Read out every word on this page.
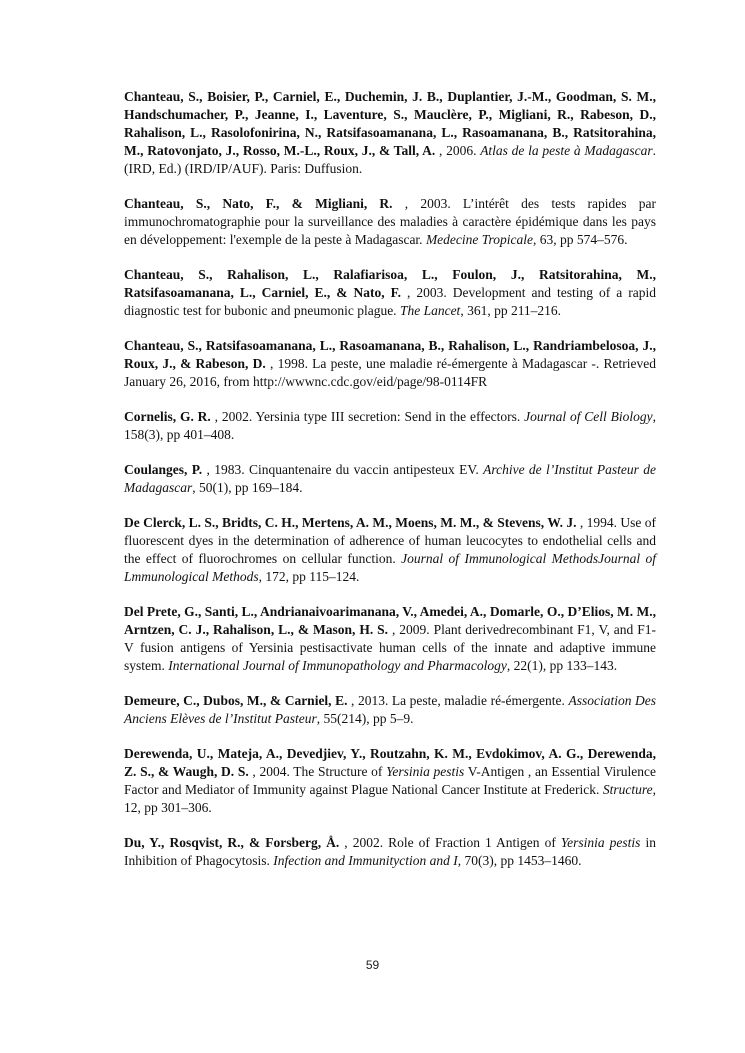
Chanteau, S., Boisier, P., Carniel, E., Duchemin, J. B., Duplantier, J.-M., Goodman, S. M., Handschumacher, P., Jeanne, I., Laventure, S., Mauclère, P., Migliani, R., Rabeson, D., Rahalison, L., Rasolofonirina, N., Ratsifasoamanana, L., Rasoamanana, B., Ratsitorahina, M., Ratovonjato, J., Rosso, M.-L., Roux, J., & Tall, A. , 2006. Atlas de la peste à Madagascar. (IRD, Ed.) (IRD/IP/AUF). Paris: Duffusion.

Chanteau, S., Nato, F., & Migliani, R. , 2003. L’intérêt des tests rapides par immunochromatographie pour la surveillance des maladies à caractère épidémique dans les pays en développement: l'exemple de la peste à Madagascar. Medecine Tropicale, 63, pp 574–576.

Chanteau, S., Rahalison, L., Ralafiarisoa, L., Foulon, J., Ratsitorahina, M., Ratsifasoamanana, L., Carniel, E., & Nato, F. , 2003. Development and testing of a rapid diagnostic test for bubonic and pneumonic plague. The Lancet, 361, pp 211–216.

Chanteau, S., Ratsifasoamanana, L., Rasoamanana, B., Rahalison, L., Randriambelosoa, J., Roux, J., & Rabeson, D. , 1998. La peste, une maladie ré-émergente à Madagascar -. Retrieved January 26, 2016, from http://wwwnc.cdc.gov/eid/page/98-0114FR

Cornelis, G. R. , 2002. Yersinia type III secretion: Send in the effectors. Journal of Cell Biology, 158(3), pp 401–408.

Coulanges, P. , 1983. Cinquantenaire du vaccin antipesteux EV. Archive de l’Institut Pasteur de Madagascar, 50(1), pp 169–184.

De Clerck, L. S., Bridts, C. H., Mertens, A. M., Moens, M. M., & Stevens, W. J. , 1994. Use of fluorescent dyes in the determination of adherence of human leucocytes to endothelial cells and the effect of fluorochromes on cellular function. Journal of Immunological MethodsJournal of Lmmunological Methods, 172, pp 115–124.

Del Prete, G., Santi, L., Andrianaivoarimanana, V., Amedei, A., Domarle, O., D’Elios, M. M., Arntzen, C. J., Rahalison, L., & Mason, H. S. , 2009. Plant derivedrecombinant F1, V, and F1-V fusion antigens of Yersinia pestisactivate human cells of the innate and adaptive immune system. International Journal of Immunopathology and Pharmacology, 22(1), pp 133–143.

Demeure, C., Dubos, M., & Carniel, E. , 2013. La peste, maladie ré-émergente. Association Des Anciens Elèves de l’Institut Pasteur, 55(214), pp 5–9.

Derewenda, U., Mateja, A., Devedjiev, Y., Routzahn, K. M., Evdokimov, A. G., Derewenda, Z. S., & Waugh, D. S. , 2004. The Structure of Yersinia pestis V-Antigen , an Essential Virulence Factor and Mediator of Immunity against Plague National Cancer Institute at Frederick. Structure, 12, pp 301–306.

Du, Y., Rosqvist, R., & Forsberg, Å. , 2002. Role of Fraction 1 Antigen of Yersinia pestis in Inhibition of Phagocytosis. Infection and Immunityction and I, 70(3), pp 1453–1460.

59
